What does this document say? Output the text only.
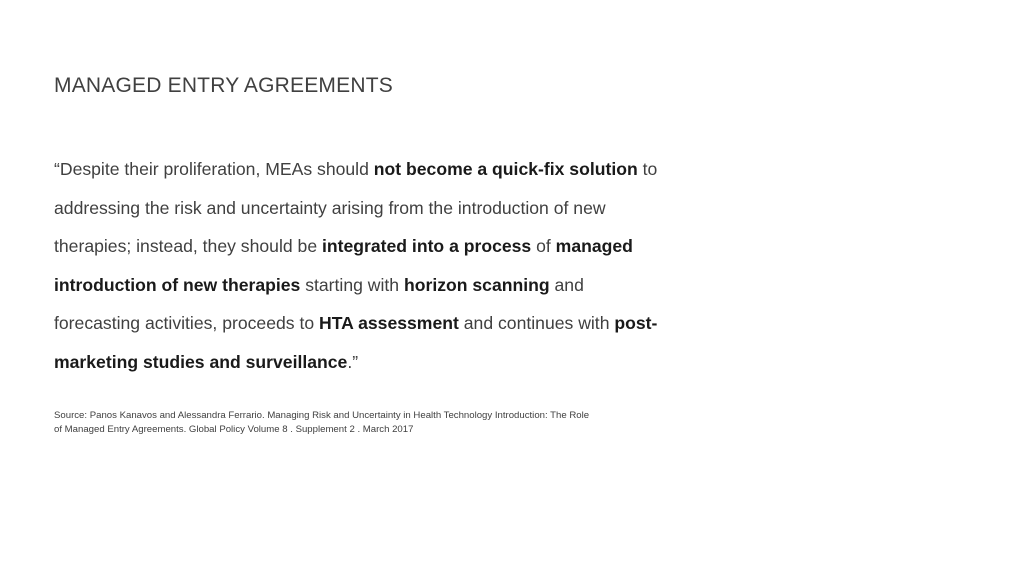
MANAGED ENTRY AGREEMENTS
“Despite their proliferation, MEAs should not become a quick-fix solution to
addressing the risk and uncertainty arising from the introduction of new
therapies; instead, they should be integrated into a process of managed
introduction of new therapies starting with horizon scanning and
forecasting activities, proceeds to HTA assessment and continues with post-
marketing studies and surveillance.”
Source: Panos Kanavos and Alessandra Ferrario. Managing Risk and Uncertainty in Health Technology Introduction: The Role
of Managed Entry Agreements. Global Policy Volume 8 . Supplement 2 . March 2017
